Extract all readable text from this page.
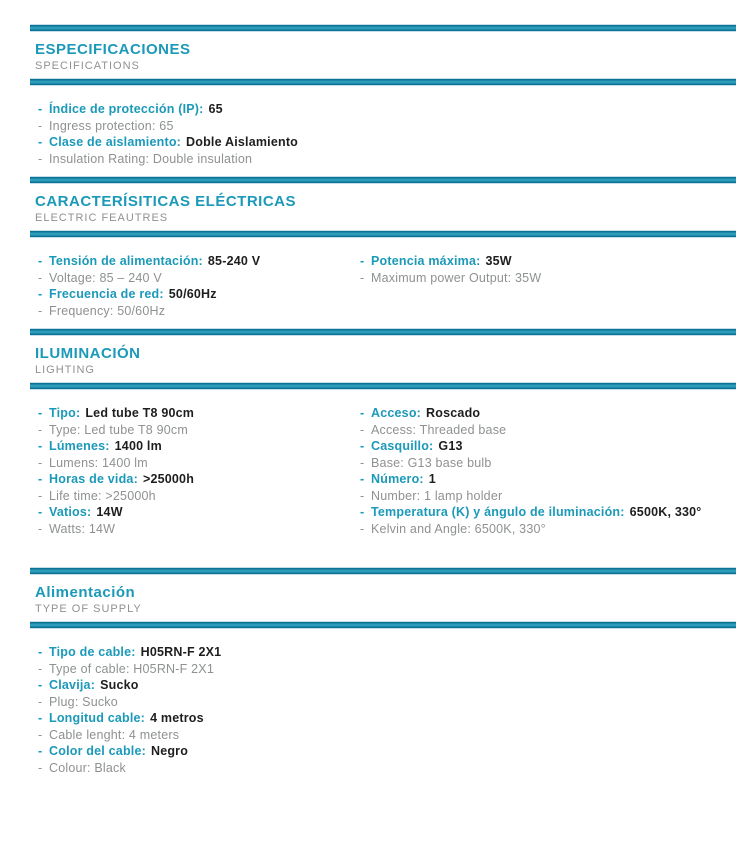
ESPECIFICACIONES
SPECIFICATIONS
- Índice de protección (IP): 65
- Ingress protection: 65
- Clase de aislamiento: Doble Aislamiento
- Insulation Rating: Double insulation
CARACTERÍSITICAS ELÉCTRICAS
ELECTRIC FEAUTRES
- Tensión de alimentación: 85-240 V
- Voltage: 85 – 240 V
- Frecuencia de red: 50/60Hz
- Frequency: 50/60Hz
- Potencia máxima: 35W
- Maximum power Output: 35W
ILUMINACIÓN
LIGHTING
- Tipo: Led tube T8 90cm
- Type: Led tube T8 90cm
- Lúmenes: 1400 lm
- Lumens: 1400 lm
- Horas de vida: >25000h
- Life time: >25000h
- Vatios: 14W
- Watts: 14W
- Acceso: Roscado
- Access: Threaded base
- Casquillo: G13
- Base: G13 base bulb
- Número: 1
- Number: 1 lamp holder
- Temperatura (K) y ángulo de iluminación: 6500K, 330°
- Kelvin and Angle: 6500K, 330°
Alimentación
TYPE OF SUPPLY
- Tipo de cable: H05RN-F 2X1
- Type of cable: H05RN-F 2X1
- Clavija: Sucko
- Plug: Sucko
- Longitud cable: 4 metros
- Cable lenght: 4 meters
- Color del cable: Negro
- Colour: Black
